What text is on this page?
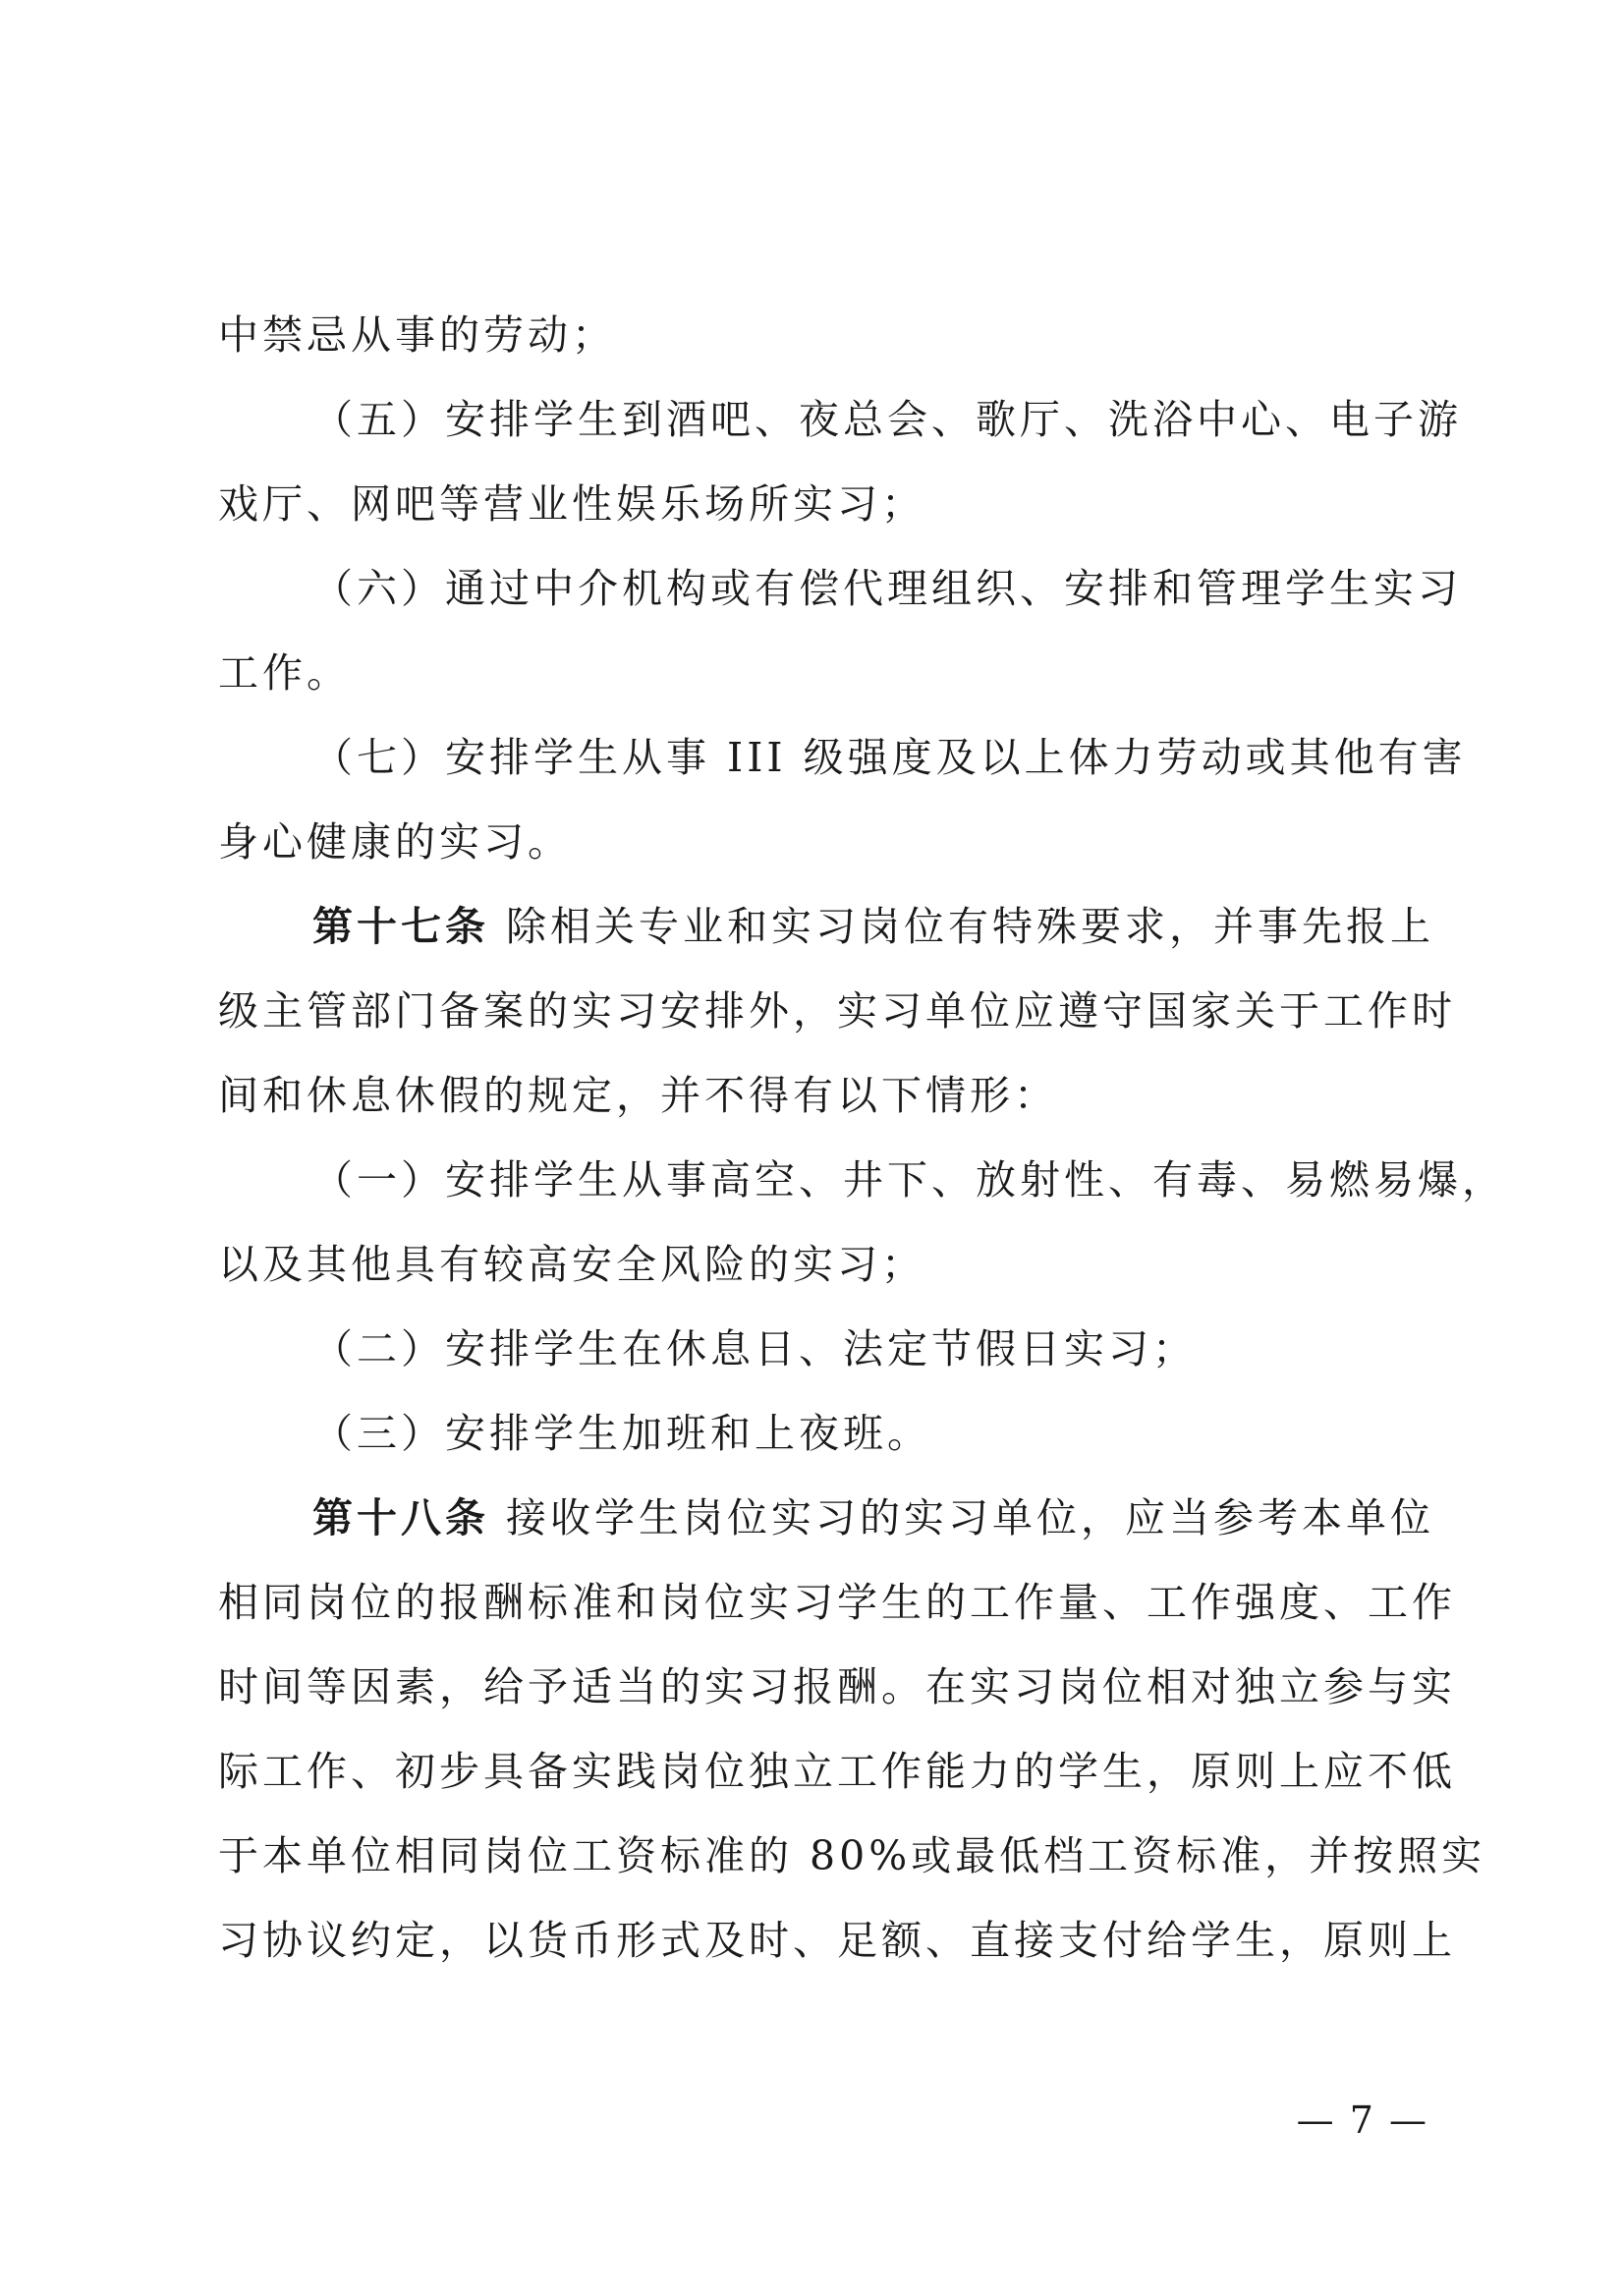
中禁忌从事的劳动；
（五）安排学生到酒吧、夜总会、歌厅、洗浴中心、电子游
戏厅、网吧等营业性娱乐场所实习；
（六）通过中介机构或有偿代理组织、安排和管理学生实习
工作。
（七）安排学生从事 III 级强度及以上体力劳动或其他有害
身心健康的实习。
第十七条 除相关专业和实习岗位有特殊要求，并事先报上
级主管部门备案的实习安排外，实习单位应遵守国家关于工作时
间和休息休假的规定，并不得有以下情形：
（一）安排学生从事高空、井下、放射性、有毒、易燃易爆，
以及其他具有较高安全风险的实习；
（二）安排学生在休息日、法定节假日实习；
（三）安排学生加班和上夜班。
第十八条 接收学生岗位实习的实习单位，应当参考本单位
相同岗位的报酬标准和岗位实习学生的工作量、工作强度、工作
时间等因素，给予适当的实习报酬。在实习岗位相对独立参与实
际工作、初步具备实践岗位独立工作能力的学生，原则上应不低
于本单位相同岗位工资标准的 80%或最低档工资标准，并按照实
习协议约定，以货币形式及时、足额、直接支付给学生，原则上
— 7 —
